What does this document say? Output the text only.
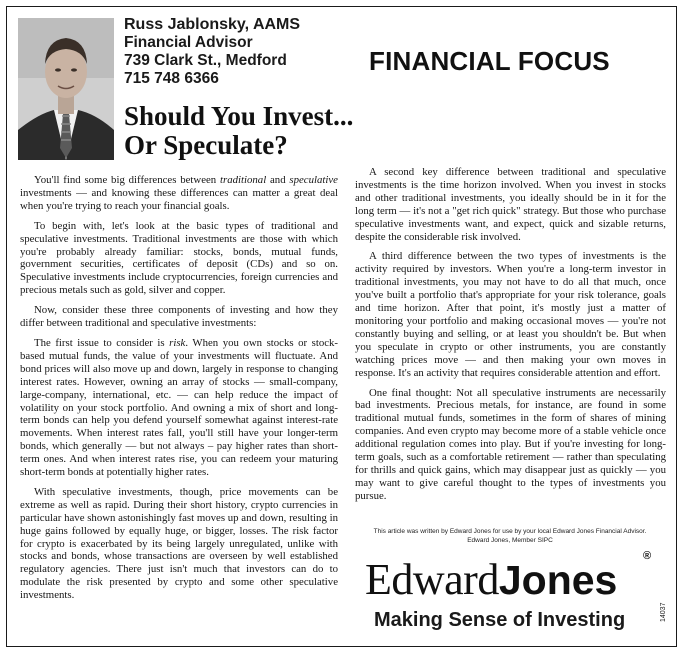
Russ Jablonsky, AAMS
Financial Advisor
739 Clark St., Medford
715 748 6366
FINANCIAL FOCUS
Should You Invest...
Or Speculate?

You'll find some big differences between traditional and speculative investments — and knowing these differences can matter a great deal when you're trying to reach your financial goals.

To begin with, let's look at the basic types of traditional and speculative investments. Traditional investments are those with which you're probably already familiar: stocks, bonds, mutual funds, government securities, certificates of deposit (CDs) and so on. Speculative investments include cryptocurrencies, foreign currencies and precious metals such as gold, silver and copper.

Now, consider these three components of investing and how they differ between traditional and speculative investments:

The first issue to consider is risk. When you own stocks or stock-based mutual funds, the value of your investments will fluctuate. And bond prices will also move up and down, largely in response to changing interest rates. However, owning an array of stocks — small-company, large-company, international, etc. — can help reduce the impact of volatility on your stock portfolio. And owning a mix of short and long-term bonds can help you defend yourself somewhat against interest-rate movements. When interest rates fall, you'll still have your longer-term bonds, which generally — but not always – pay higher rates than short-term ones. And when interest rates rise, you can redeem your maturing short-term bonds at potentially higher rates.

With speculative investments, though, price movements can be extreme as well as rapid. During their short history, crypto currencies in particular have shown astonishingly fast moves up and down, resulting in huge gains followed by equally huge, or bigger, losses. The risk factor for crypto is exacerbated by its being largely unregulated, unlike with stocks and bonds, whose transactions are overseen by well established regulatory agencies. There just isn't much that investors can do to modulate the risk presented by crypto and some other speculative investments.

A second key difference between traditional and speculative investments is the time horizon involved. When you invest in stocks and other traditional investments, you ideally should be in it for the long term — it's not a "get rich quick" strategy. But those who purchase speculative investments want, and expect, quick and sizable returns, despite the considerable risk involved.

A third difference between the two types of investments is the activity required by investors. When you're a long-term investor in traditional investments, you may not have to do all that much, once you've built a portfolio that's appropriate for your risk tolerance, goals and time horizon. After that point, it's mostly just a matter of monitoring your portfolio and making occasional moves — you're not constantly buying and selling, or at least you shouldn't be. But when you speculate in crypto or other instruments, you are constantly watching prices move — and then making your own moves in response. It's an activity that requires considerable attention and effort.

One final thought: Not all speculative instruments are necessarily bad investments. Precious metals, for instance, are found in some traditional mutual funds, sometimes in the form of shares of mining companies. And even crypto may become more of a stable vehicle once additional regulation comes into play. But if you're investing for long-term goals, such as a comfortable retirement — rather than speculating for thrills and quick gains, which may disappear just as quickly — you may want to give careful thought to the types of investments you pursue.

This article was written by Edward Jones for use by your local Edward Jones Financial Advisor.
Edward Jones, Member SIPC
EdwardJones
®
Making Sense of Investing	14037
